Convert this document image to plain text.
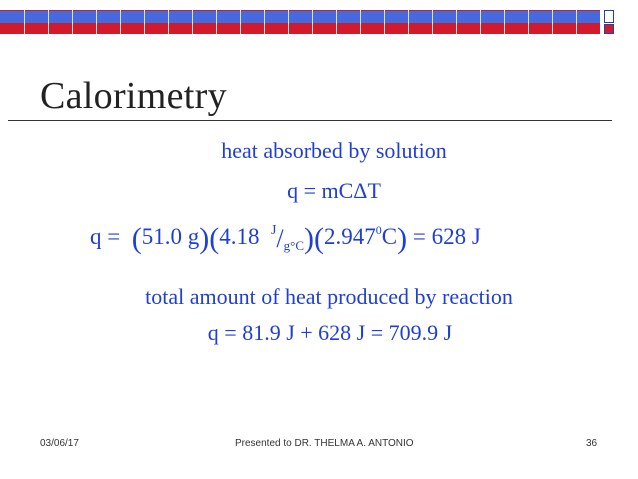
Calorimetry
heat absorbed by solution
q = mCΔT
q = (51.0 g)(4.18 $^J/_{g^\circ C})(2.947^0C) = 628$ J
total amount of heat produced by reaction
q = 81.9 J + 628 J = 709.9 J
03/06/17	Presented to DR. THELMA A. ANTONIO	36
